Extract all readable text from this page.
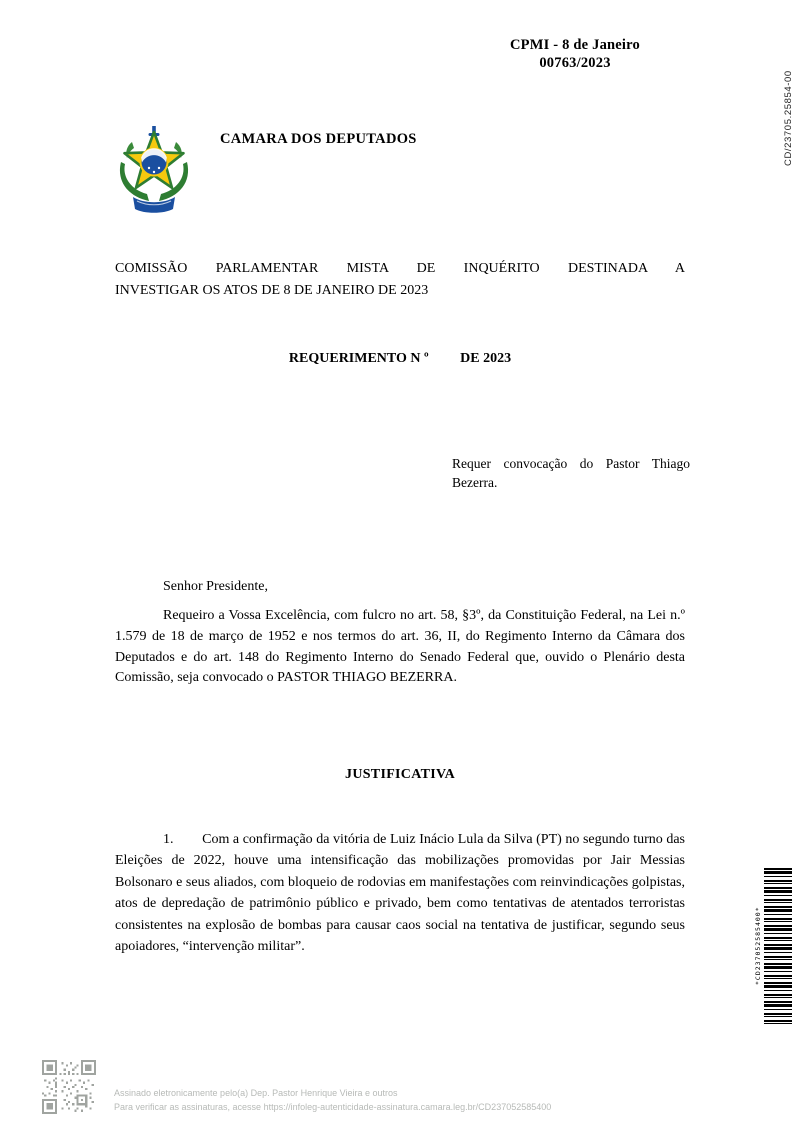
CPMI - 8 de Janeiro
00763/2023
CD/23705.25854-00
CAMARA DOS DEPUTADOS
COMISSÃO PARLAMENTAR MISTA DE INQUÉRITO DESTINADA A
INVESTIGAR OS ATOS DE 8 DE JANEIRO DE 2023
REQUERIMENTO N º         DE 2023
Requer convocação do Pastor Thiago Bezerra.
Senhor Presidente,
Requeiro a Vossa Excelência, com fulcro no art. 58, §3º, da Constituição Federal, na Lei n.º 1.579 de 18 de março de 1952 e nos termos do art. 36, II, do Regimento Interno da Câmara dos Deputados e do art. 148 do Regimento Interno do Senado Federal que, ouvido o Plenário desta Comissão, seja convocado o PASTOR THIAGO BEZERRA.
JUSTIFICATIVA
1.        Com a confirmação da vitória de Luiz Inácio Lula da Silva (PT) no segundo turno das Eleições de 2022, houve uma intensificação das mobilizações promovidas por Jair Messias Bolsonaro e seus aliados, com bloqueio de rodovias em manifestações com reinvindicações golpistas, atos de depredação de patrimônio público e privado, bem como tentativas de atentados terroristas consistentes na explosão de bombas para causar caos social na tentativa de justificar, segundo seus apoiadores, “intervenção militar”.	*CD237052585400*
Assinado eletronicamente pelo(a) Dep. Pastor Henrique Vieira e outros
Para verificar as assinaturas, acesse https://infoleg-autenticidade-assinatura.camara.leg.br/CD237052585400
